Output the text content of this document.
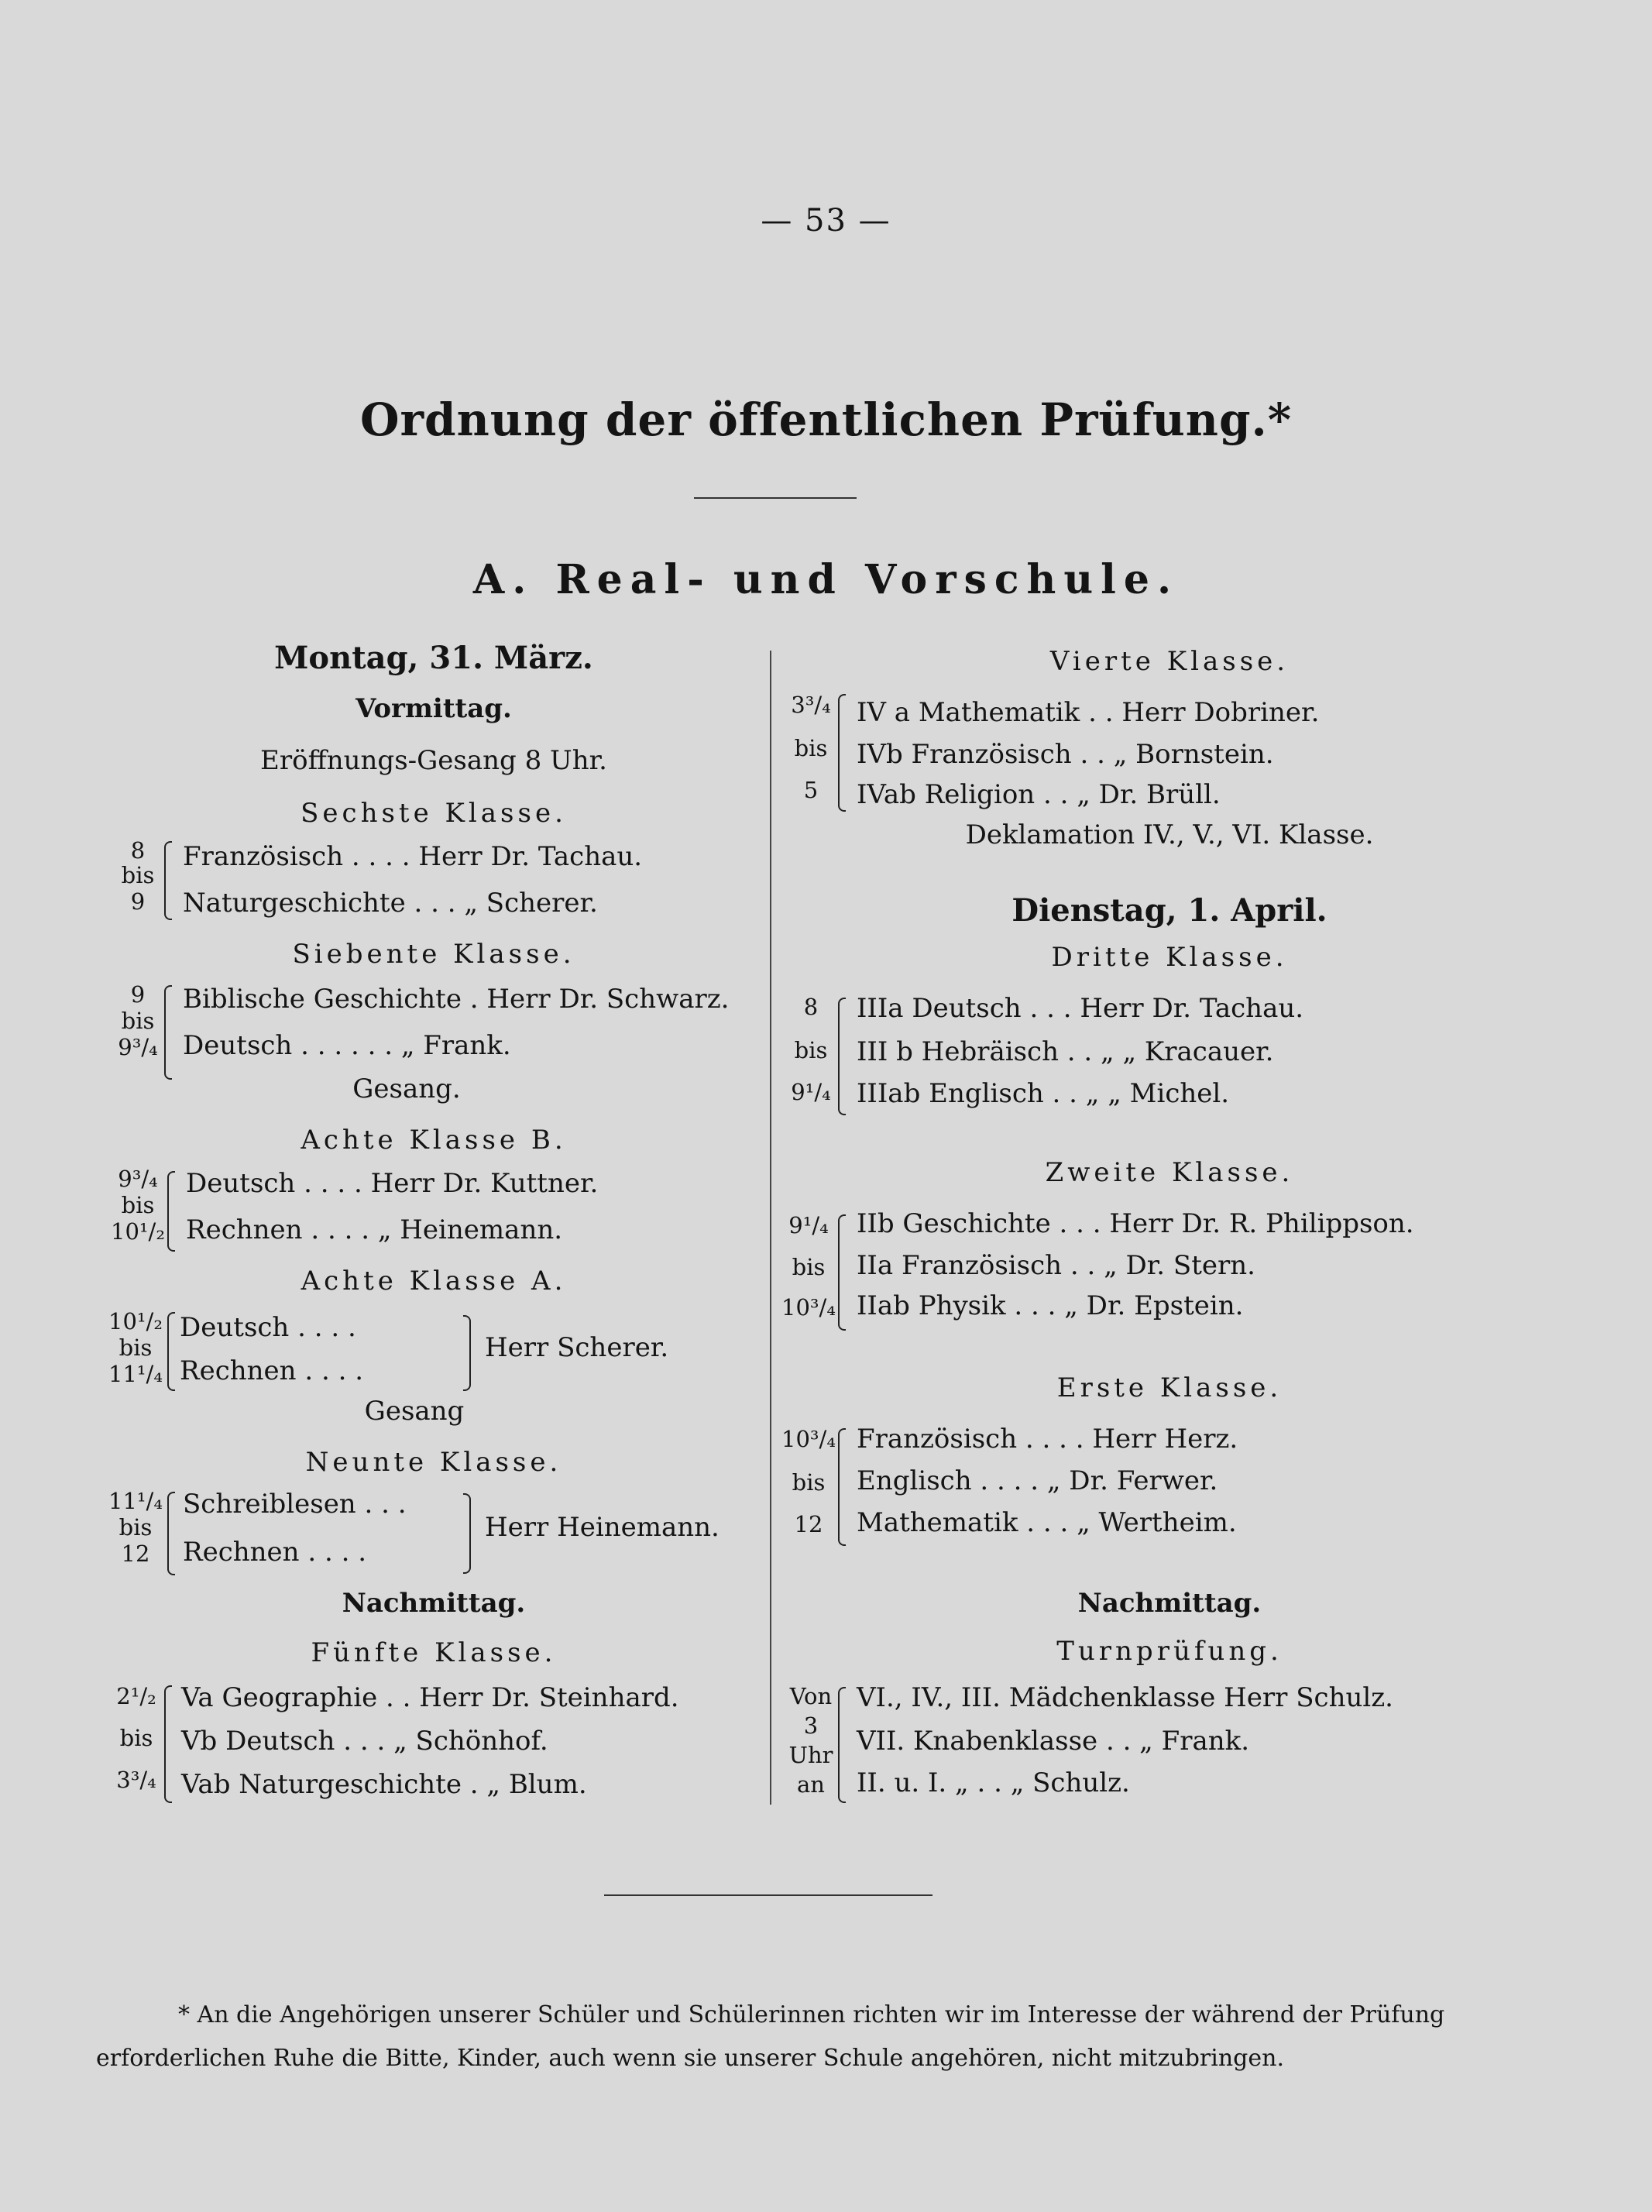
— 53 —
Ordnung der öffentlichen Prüfung.*
A. Real- und Vorschule.
Montag, 31. März.
Vormittag.
Eröffnungs-Gesang 8 Uhr.
Sechste Klasse.
8
bis
9
Französisch . . . . Herr Dr. Tachau.
Naturgeschichte . . . „ Scherer.
Siebente Klasse.
9
bis
9³/₄
Biblische Geschichte . Herr Dr. Schwarz.
Deutsch . . . . . . „ Frank.
Gesang.
Achte Klasse B.
9³/₄
bis
10¹/₂
Deutsch . . . . Herr Dr. Kuttner.
Rechnen . . . . „ Heinemann.
Achte Klasse A.
10¹/₂
bis
11¹/₄
Deutsch . . . .
Rechnen . . . .
Herr Scherer.
Gesang
Neunte Klasse.
11¹/₄
bis
12
Schreiblesen . . .
Rechnen . . . .
Herr Heinemann.
Nachmittag.
Fünfte Klasse.
2¹/₂
bis
3³/₄
Va Geographie . . Herr Dr. Steinhard.
Vb Deutsch . . . „ Schönhof.
Vab Naturgeschichte . „ Blum.
Vierte Klasse.
3³/₄
bis
5
IV a Mathematik . . Herr Dobriner.
IVb Französisch . . „ Bornstein.
IVab Religion . . „ Dr. Brüll.
Deklamation IV., V., VI. Klasse.
Dienstag, 1. April.
Dritte Klasse.
8
bis
9¹/₄
IIIa Deutsch . . . Herr Dr. Tachau.
III b Hebräisch . . „ „ Kracauer.
IIIab Englisch . . „ „ Michel.
Zweite Klasse.
9¹/₄
bis
10³/₄
IIb Geschichte . . . Herr Dr. R. Philippson.
IIa Französisch . . „ Dr. Stern.
IIab Physik . . . „ Dr. Epstein.
Erste Klasse.
10³/₄
bis
12
Französisch . . . . Herr Herz.
Englisch . . . . „ Dr. Ferwer.
Mathematik . . . „ Wertheim.
Nachmittag.
Turnprüfung.
Von
3
Uhr
an
VI., IV., III. Mädchenklasse Herr Schulz.
VII. Knabenklasse . . „ Frank.
II. u. I. „ . . „ Schulz.
* An die Angehörigen unserer Schüler und Schülerinnen richten wir im Interesse der während der Prüfung
erforderlichen Ruhe die Bitte, Kinder, auch wenn sie unserer Schule angehören, nicht mitzubringen.
